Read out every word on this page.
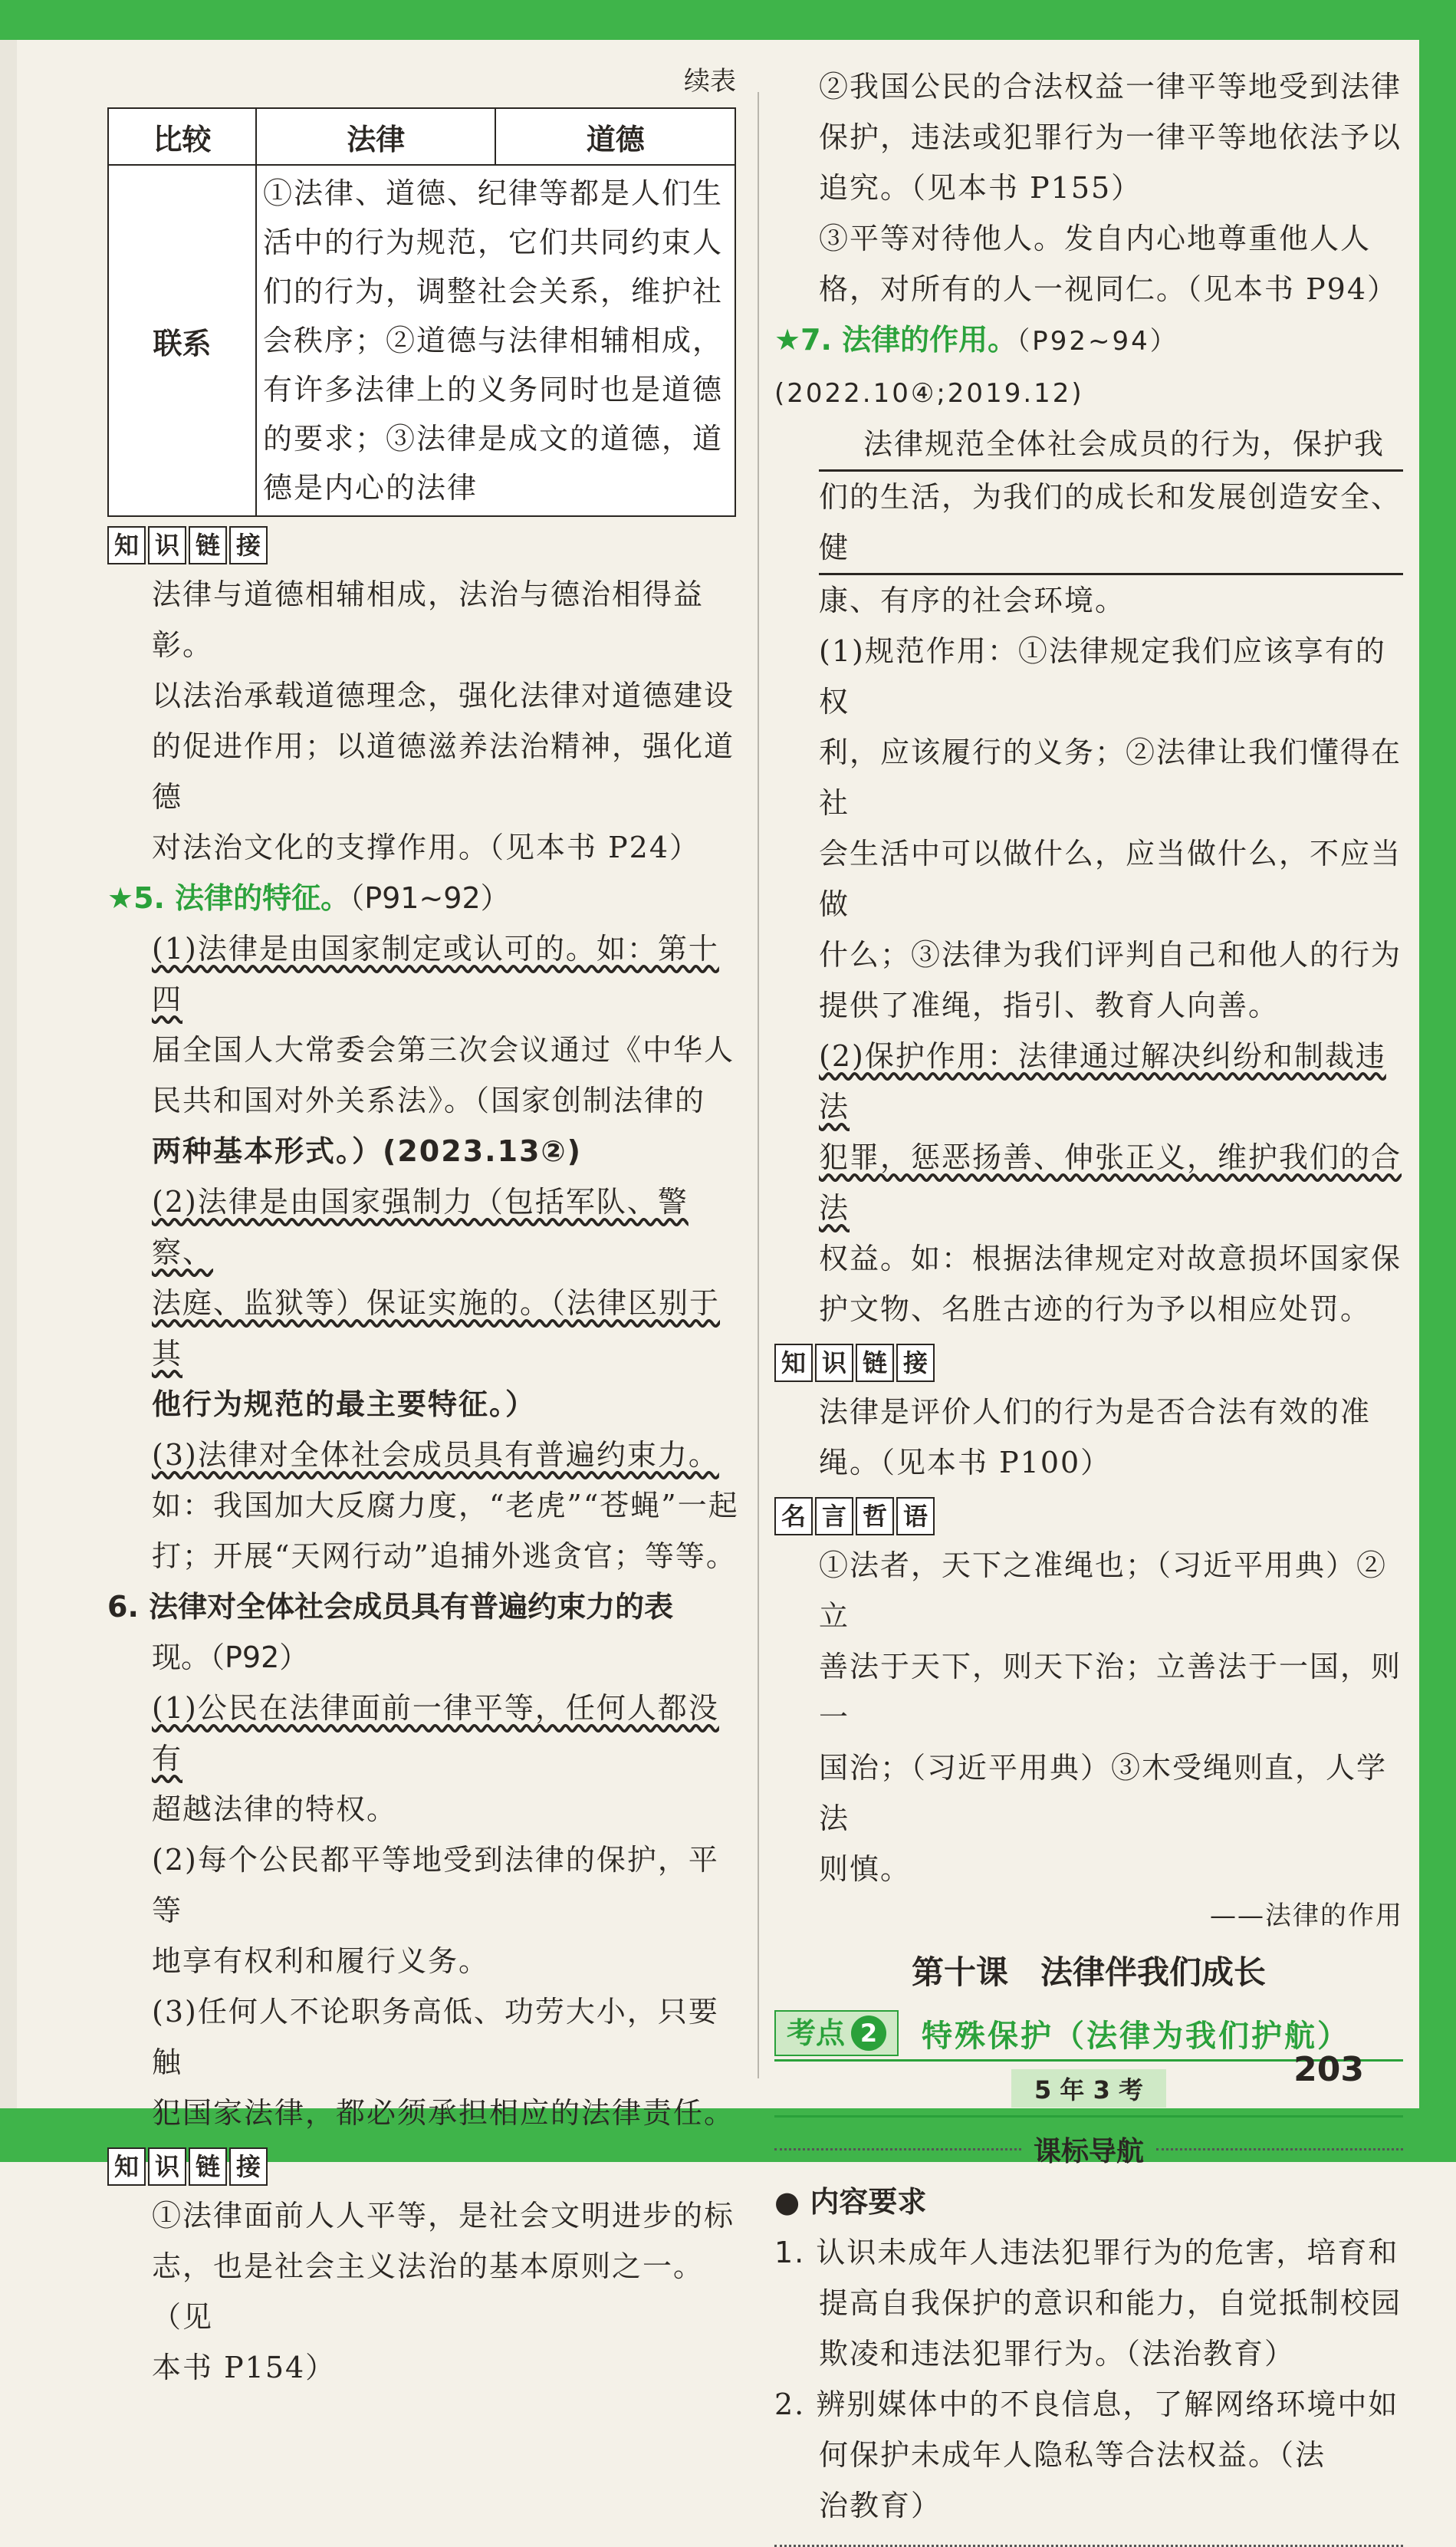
续表
比较	法律	道德
联系	①法律、道德、纪律等都是人们生活中的行为规范，它们共同约束人们的行为，调整社会关系，维护社会秩序；②道德与法律相辅相成，有许多法律上的义务同时也是道德的要求；③法律是成文的道德，道德是内心的法律	
知 识 链 接

法律与道德相辅相成，法治与德治相得益彰。

以法治承载道德理念，强化法律对道德建设

的促进作用；以道德滋养法治精神，强化道德

对法治文化的支撑作用。（见本书 P24）

★5. 法律的特征。（P91~92）

(1)法律是由国家制定或认可的。如：第十四

届全国人大常委会第三次会议通过《中华人

民共和国对外关系法》。（国家创制法律的

两种基本形式。）(2023.13②)

(2)法律是由国家强制力（包括军队、警察、

法庭、监狱等）保证实施的。（法律区别于其

他行为规范的最主要特征。）

(3)法律对全体社会成员具有普遍约束力。

如：我国加大反腐力度，“老虎”“苍蝇”一起

打；开展“天网行动”追捕外逃贪官；等等。

6. 法律对全体社会成员具有普遍约束力的表
现。（P92）

(1)公民在法律面前一律平等，任何人都没有

超越法律的特权。

(2)每个公民都平等地受到法律的保护，平等

地享有权利和履行义务。

(3)任何人不论职务高低、功劳大小，只要触

犯国家法律，都必须承担相应的法律责任。

知 识 链 接

①法律面前人人平等，是社会文明进步的标

志，也是社会主义法治的基本原则之一。（见

本书 P154）

②我国公民的合法权益一律平等地受到法律

保护，违法或犯罪行为一律平等地依法予以

追究。（见本书 P155）

③平等对待他人。发自内心地尊重他人人

格，对所有的人一视同仁。（见本书 P94）

★7. 法律的作用。（P92~94）(2022.10④;2019.12)

法律规范全体社会成员的行为，保护我

们的生活，为我们的成长和发展创造安全、健

康、有序的社会环境。

(1)规范作用：①法律规定我们应该享有的权

利，应该履行的义务；②法律让我们懂得在社

会生活中可以做什么，应当做什么，不应当做

什么；③法律为我们评判自己和他人的行为

提供了准绳，指引、教育人向善。

(2)保护作用：法律通过解决纠纷和制裁违法

犯罪，惩恶扬善、伸张正义，维护我们的合法

权益。如：根据法律规定对故意损坏国家保

护文物、名胜古迹的行为予以相应处罚。

知 识 链 接

法律是评价人们的行为是否合法有效的准

绳。（见本书 P100）

名 言 哲 语

①法者，天下之准绳也；（习近平用典）②立

善法于天下，则天下治；立善法于一国，则一

国治；（习近平用典）③木受绳则直，人学法

则慎。

——法律的作用
第十课　法律伴我们成长
考点 2 特殊保护（法律为我们护航）
5 年 3 考
课标导航
● 内容要求

1. 认识未成年人违法犯罪行为的危害，培育和

提高自我保护的意识和能力，自觉抵制校园

欺凌和违法犯罪行为。（法治教育）

2. 辨别媒体中的不良信息，了解网络环境中如

何保护未成年人隐私等合法权益。（法

治教育）

203
